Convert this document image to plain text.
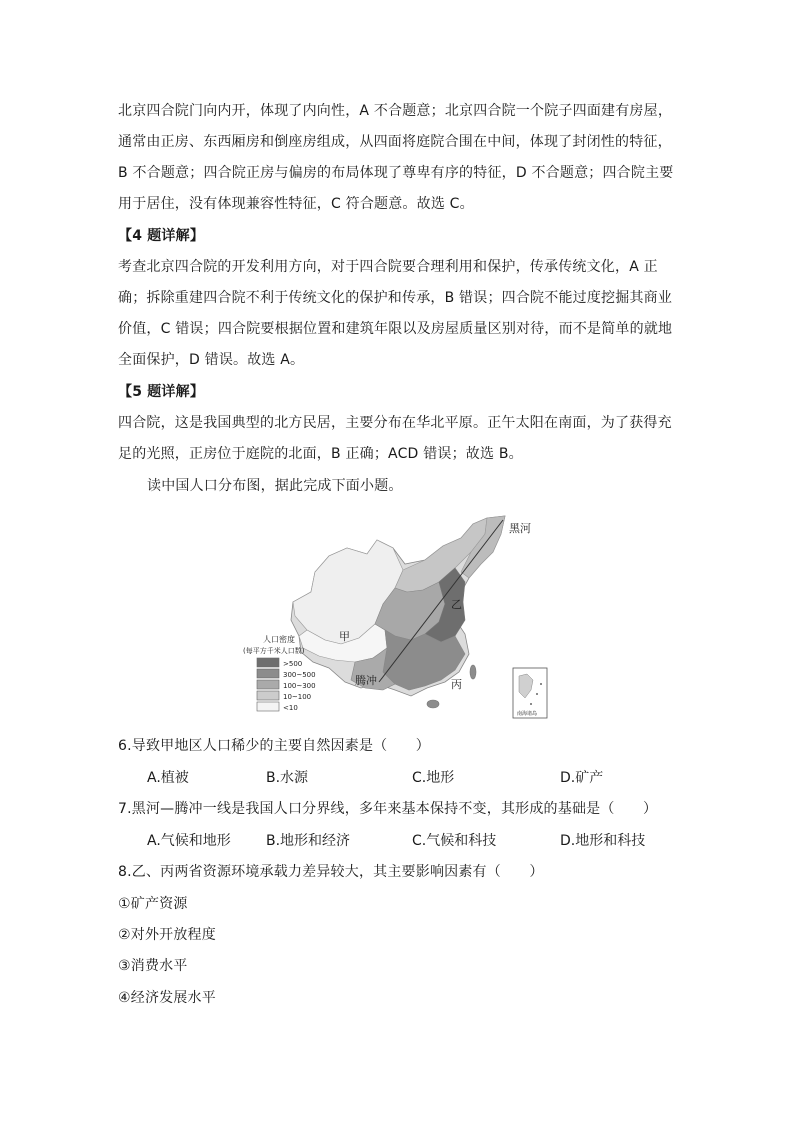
北京四合院门向内开，体现了内向性，A 不合题意；北京四合院一个院子四面建有房屋，
通常由正房、东西厢房和倒座房组成，从四面将庭院合围在中间，体现了封闭性的特征，
B 不合题意；四合院正房与偏房的布局体现了尊卑有序的特征，D 不合题意；四合院主要
用于居住，没有体现兼容性特征，C 符合题意。故选 C。
【4 题详解】
考查北京四合院的开发利用方向，对于四合院要合理利用和保护，传承传统文化，A 正
确；拆除重建四合院不利于传统文化的保护和传承，B 错误；四合院不能过度挖掘其商业
价值，C 错误；四合院要根据位置和建筑年限以及房屋质量区别对待，而不是简单的就地
全面保护，D 错误。故选 A。
【5 题详解】
四合院，这是我国典型的北方民居，主要分布在华北平原。正午太阳在南面，为了获得充
足的光照，正房位于庭院的北面，B 正确；ACD 错误；故选 B。
读中国人口分布图，据此完成下面小题。
黑河
腾冲
甲
乙
丙
南海诸岛
人口密度
(每平方千米人口数)
>500
300~500
100~300
10~100
<10
6.导致甲地区人口稀少的主要自然因素是（　　）
A.植被	B.水源	C.地形	D.矿产
7.黑河—腾冲一线是我国人口分界线，多年来基本保持不变，其形成的基础是（　　）
A.气候和地形	B.地形和经济	C.气候和科技	D.地形和科技
8.乙、丙两省资源环境承载力差异较大，其主要影响因素有（　　）
①矿产资源
②对外开放程度
③消费水平
④经济发展水平
